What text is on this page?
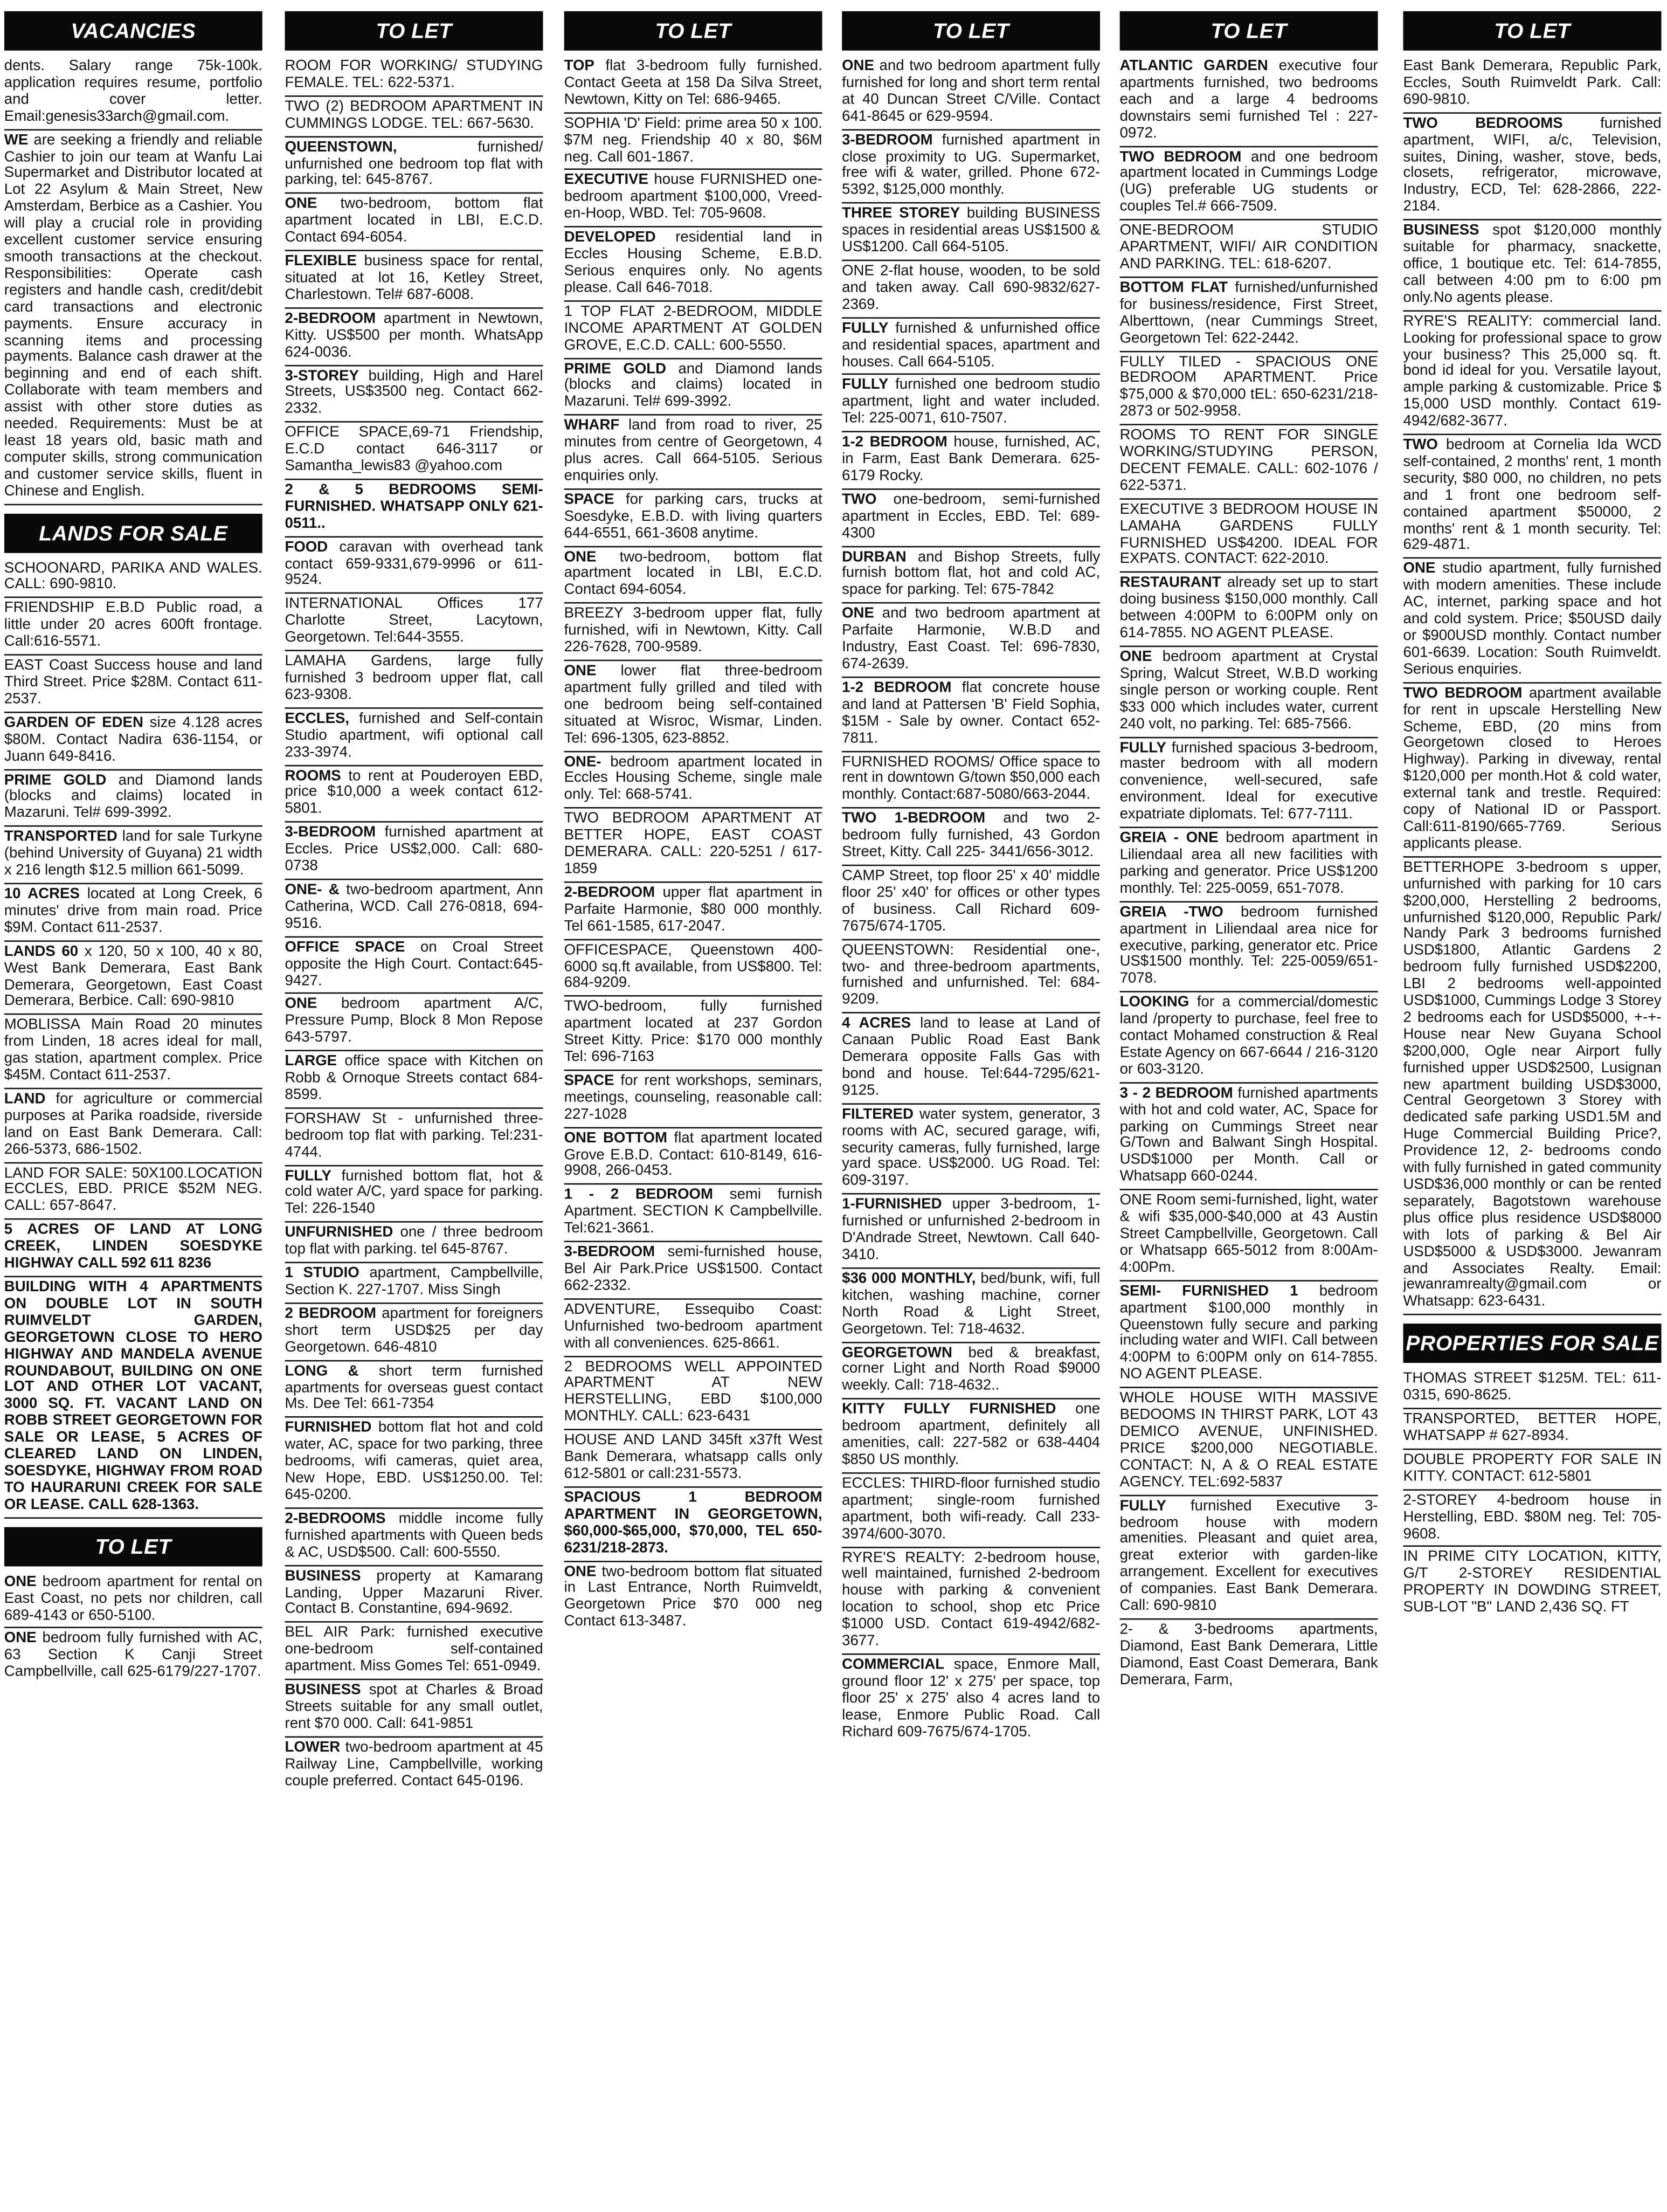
VACANCIES
dents. Salary range 75k-100k. application requires resume, portfolio and cover letter. Email:genesis33arch@gmail.com.
WE are seeking a friendly and reliable Cashier to join our team at Wanfu Lai Supermarket and Distributor located at Lot 22 Asylum & Main Street, New Amsterdam, Berbice as a Cashier. You will play a crucial role in providing excellent customer service ensuring smooth transactions at the checkout. Responsibilities: Operate cash registers and handle cash, credit/debit card transactions and electronic payments. Ensure accuracy in scanning items and processing payments. Balance cash drawer at the beginning and end of each shift. Collaborate with team members and assist with other store duties as needed. Requirements: Must be at least 18 years old, basic math and computer skills, strong communication and customer service skills, fluent in Chinese and English.
LANDS FOR SALE
SCHOONARD, PARIKA AND WALES. CALL: 690-9810.
FRIENDSHIP E.B.D Public road, a little under 20 acres 600ft frontage. Call:616-5571.
EAST Coast Success house and land Third Street. Price $28M. Contact 611-2537.
GARDEN OF EDEN size 4.128 acres $80M. Contact Nadira 636-1154, or Juann 649-8416.
PRIME GOLD and Diamond lands (blocks and claims) located in Mazaruni. Tel# 699-3992.
TRANSPORTED land for sale Turkyne (behind University of Guyana) 21 width x 216 length $12.5 million 661-5099.
10 ACRES located at Long Creek, 6 minutes' drive from main road. Price $9M. Contact 611-2537.
LANDS 60 x 120, 50 x 100, 40 x 80, West Bank Demerara, East Bank Demerara, Georgetown, East Coast Demerara, Berbice. Call: 690-9810
MOBLISSA Main Road 20 minutes from Linden, 18 acres ideal for mall, gas station, apartment complex. Price $45M. Contact 611-2537.
LAND for agriculture or commercial purposes at Parika roadside, riverside land on East Bank Demerara. Call: 266-5373, 686-1502.
LAND FOR SALE: 50X100.LOCATION ECCLES, EBD. PRICE $52M NEG. CALL: 657-8647.
5 ACRES OF LAND AT LONG CREEK, LINDEN SOESDYKE HIGHWAY CALL 592 611 8236
BUILDING WITH 4 APARTMENTS ON DOUBLE LOT IN SOUTH RUIMVELDT GARDEN, GEORGETOWN CLOSE TO HERO HIGHWAY AND MANDELA AVENUE ROUNDABOUT, BUILDING ON ONE LOT AND OTHER LOT VACANT, 3000 SQ. FT. VACANT LAND ON ROBB STREET GEORGETOWN FOR SALE OR LEASE, 5 ACRES OF CLEARED LAND ON LINDEN, SOESDYKE, HIGHWAY FROM ROAD TO HAURARUNI CREEK FOR SALE OR LEASE. CALL 628-1363.
TO LET
ONE bedroom apartment for rental on East Coast, no pets nor children, call 689-4143 or 650-5100.
ONE bedroom fully furnished with AC, 63 Section K Canji Street Campbellville, call 625-6179/227-1707.
TO LET
ROOM FOR WORKING/ STUDYING FEMALE. TEL: 622-5371.
TWO (2) BEDROOM APARTMENT IN CUMMINGS LODGE. TEL: 667-5630.
QUEENSTOWN, furnished/ unfurnished one bedroom top flat with parking, tel: 645-8767.
ONE two-bedroom, bottom flat apartment located in LBI, E.C.D. Contact 694-6054.
FLEXIBLE business space for rental, situated at lot 16, Ketley Street, Charlestown. Tel# 687-6008.
2-BEDROOM apartment in Newtown, Kitty. US$500 per month. WhatsApp 624-0036.
3-STOREY building, High and Harel Streets, US$3500 neg. Contact 662-2332.
OFFICE SPACE,69-71 Friendship, E.C.D contact 646-3117 or Samantha_lewis83 @yahoo.com
2 & 5 BEDROOMS SEMI-FURNISHED. WHATSAPP ONLY 621-0511..
FOOD caravan with overhead tank contact 659-9331,679-9996 or 611-9524.
INTERNATIONAL Offices 177 Charlotte Street, Lacytown, Georgetown. Tel:644-3555.
LAMAHA Gardens, large fully furnished 3 bedroom upper flat, call 623-9308.
ECCLES, furnished and Self-contain Studio apartment, wifi optional call 233-3974.
ROOMS to rent at Pouderoyen EBD, price $10,000 a week contact 612-5801.
3-BEDROOM furnished apartment at Eccles. Price US$2,000. Call: 680-0738
ONE- & two-bedroom apartment, Ann Catherina, WCD. Call 276-0818, 694-9516.
OFFICE SPACE on Croal Street opposite the High Court. Contact:645-9427.
ONE bedroom apartment A/C, Pressure Pump, Block 8 Mon Repose 643-5797.
LARGE office space with Kitchen on Robb & Ornoque Streets contact 684-8599.
FORSHAW St - unfurnished three-bedroom top flat with parking. Tel:231-4744.
FULLY furnished bottom flat, hot & cold water A/C, yard space for parking. Tel: 226-1540
UNFURNISHED one / three bedroom top flat with parking. tel 645-8767.
1 STUDIO apartment, Campbellville, Section K. 227-1707. Miss Singh
2 BEDROOM apartment for foreigners short term USD$25 per day Georgetown. 646-4810
LONG & short term furnished apartments for overseas guest contact Ms. Dee Tel: 661-7354
FURNISHED bottom flat hot and cold water, AC, space for two parking, three bedrooms, wifi cameras, quiet area, New Hope, EBD. US$1250.00. Tel: 645-0200.
2-BEDROOMS middle income fully furnished apartments with Queen beds & AC, USD$500. Call: 600-5550.
BUSINESS property at Kamarang Landing, Upper Mazaruni River. Contact B. Constantine, 694-9692.
BEL AIR Park: furnished executive one-bedroom self-contained apartment. Miss Gomes Tel: 651-0949.
BUSINESS spot at Charles & Broad Streets suitable for any small outlet, rent $70 000. Call: 641-9851
LOWER two-bedroom apartment at 45 Railway Line, Campbellville, working couple preferred. Contact 645-0196.
TO LET
TOP flat 3-bedroom fully furnished. Contact Geeta at 158 Da Silva Street, Newtown, Kitty on Tel: 686-9465.
SOPHIA 'D' Field: prime area 50 x 100. $7M neg. Friendship 40 x 80, $6M neg. Call 601-1867.
EXECUTIVE house FURNISHED one-bedroom apartment $100,000, Vreed-en-Hoop, WBD. Tel: 705-9608.
DEVELOPED residential land in Eccles Housing Scheme, E.B.D. Serious enquires only. No agents please. Call 646-7018.
1 TOP FLAT 2-BEDROOM, MIDDLE INCOME APARTMENT AT GOLDEN GROVE, E.C.D. CALL: 600-5550.
PRIME GOLD and Diamond lands (blocks and claims) located in Mazaruni. Tel# 699-3992.
WHARF land from road to river, 25 minutes from centre of Georgetown, 4 plus acres. Call 664-5105. Serious enquiries only.
SPACE for parking cars, trucks at Soesdyke, E.B.D. with living quarters 644-6551, 661-3608 anytime.
ONE two-bedroom, bottom flat apartment located in LBI, E.C.D. Contact 694-6054.
BREEZY 3-bedroom upper flat, fully furnished, wifi in Newtown, Kitty. Call 226-7628, 700-9589.
ONE lower flat three-bedroom apartment fully grilled and tiled with one bedroom being self-contained situated at Wisroc, Wismar, Linden. Tel: 696-1305, 623-8852.
ONE- bedroom apartment located in Eccles Housing Scheme, single male only. Tel: 668-5741.
TWO BEDROOM APARTMENT AT BETTER HOPE, EAST COAST DEMERARA. CALL: 220-5251 / 617-1859
2-BEDROOM upper flat apartment in Parfaite Harmonie, $80 000 monthly. Tel 661-1585, 617-2047.
OFFICESPACE, Queenstown 400-6000 sq.ft available, from US$800. Tel: 684-9209.
TWO-bedroom, fully furnished apartment located at 237 Gordon Street Kitty. Price: $170 000 monthly Tel: 696-7163
SPACE for rent workshops, seminars, meetings, counseling, reasonable call: 227-1028
ONE BOTTOM flat apartment located Grove E.B.D. Contact: 610-8149, 616-9908, 266-0453.
1 - 2 BEDROOM semi furnish Apartment. SECTION K Campbellville. Tel:621-3661.
3-BEDROOM semi-furnished house, Bel Air Park.Price US$1500. Contact 662-2332.
ADVENTURE, Essequibo Coast: Unfurnished two-bedroom apartment with all conveniences. 625-8661.
2 BEDROOMS WELL APPOINTED APARTMENT AT NEW HERSTELLING, EBD $100,000 MONTHLY. CALL: 623-6431
HOUSE AND LAND 345ft x37ft West Bank Demerara, whatsapp calls only 612-5801 or call:231-5573.
SPACIOUS 1 BEDROOM APARTMENT IN GEORGETOWN, $60,000-$65,000, $70,000, TEL 650-6231/218-2873.
ONE two-bedroom bottom flat situated in Last Entrance, North Ruimveldt, Georgetown Price $70 000 neg Contact 613-3487.
TO LET
ONE and two bedroom apartment fully furnished for long and short term rental at 40 Duncan Street C/Ville. Contact 641-8645 or 629-9594.
3-BEDROOM furnished apartment in close proximity to UG. Supermarket, free wifi & water, grilled. Phone 672-5392, $125,000 monthly.
THREE STOREY building BUSINESS spaces in residential areas US$1500 & US$1200. Call 664-5105.
ONE 2-flat house, wooden, to be sold and taken away. Call 690-9832/627-2369.
FULLY furnished & unfurnished office and residential spaces, apartment and houses. Call 664-5105.
FULLY furnished one bedroom studio apartment, light and water included. Tel: 225-0071, 610-7507.
1-2 BEDROOM house, furnished, AC, in Farm, East Bank Demerara. 625-6179 Rocky.
TWO one-bedroom, semi-furnished apartment in Eccles, EBD. Tel: 689-4300
DURBAN and Bishop Streets, fully furnish bottom flat, hot and cold AC, space for parking. Tel: 675-7842
ONE and two bedroom apartment at Parfaite Harmonie, W.B.D and Industry, East Coast. Tel: 696-7830, 674-2639.
1-2 BEDROOM flat concrete house and land at Pattersen 'B' Field Sophia, $15M - Sale by owner. Contact 652-7811.
FURNISHED ROOMS/ Office space to rent in downtown G/town $50,000 each monthly. Contact:687-5080/663-2044.
TWO 1-BEDROOM and two 2-bedroom fully furnished, 43 Gordon Street, Kitty. Call 225- 3441/656-3012.
CAMP Street, top floor 25' x 40' middle floor 25' x40' for offices or other types of business. Call Richard 609-7675/674-1705.
QUEENSTOWN: Residential one-, two- and three-bedroom apartments, furnished and unfurnished. Tel: 684-9209.
4 ACRES land to lease at Land of Canaan Public Road East Bank Demerara opposite Falls Gas with bond and house. Tel:644-7295/621-9125.
FILTERED water system, generator, 3 rooms with AC, secured garage, wifi, security cameras, fully furnished, large yard space. US$2000. UG Road. Tel: 609-3197.
1-FURNISHED upper 3-bedroom, 1-furnished or unfurnished 2-bedroom in D'Andrade Street, Newtown. Call 640-3410.
$36 000 MONTHLY, bed/bunk, wifi, full kitchen, washing machine, corner North Road & Light Street, Georgetown. Tel: 718-4632.
GEORGETOWN bed & breakfast, corner Light and North Road $9000 weekly. Call: 718-4632..
KITTY FULLY FURNISHED one bedroom apartment, definitely all amenities, call: 227-582 or 638-4404 $850 US monthly.
ECCLES: THIRD-floor furnished studio apartment; single-room furnished apartment, both wifi-ready. Call 233-3974/600-3070.
RYRE'S REALTY: 2-bedroom house, well maintained, furnished 2-bedroom house with parking & convenient location to school, shop etc Price $1000 USD. Contact 619-4942/682-3677.
COMMERCIAL space, Enmore Mall, ground floor 12' x 275' per space, top floor 25' x 275' also 4 acres land to lease, Enmore Public Road. Call Richard 609-7675/674-1705.
TO LET
ATLANTIC GARDEN executive four apartments furnished, two bedrooms each and a large 4 bedrooms downstairs semi furnished Tel : 227-0972.
TWO BEDROOM and one bedroom apartment located in Cummings Lodge (UG) preferable UG students or couples Tel.# 666-7509.
ONE-BEDROOM STUDIO APARTMENT, WIFI/ AIR CONDITION AND PARKING. TEL: 618-6207.
BOTTOM FLAT furnished/unfurnished for business/residence, First Street, Alberttown, (near Cummings Street, Georgetown Tel: 622-2442.
FULLY TILED - SPACIOUS ONE BEDROOM APARTMENT. Price $75,000 & $70,000 tEL: 650-6231/218-2873 or 502-9958.
ROOMS TO RENT FOR SINGLE WORKING/STUDYING PERSON, DECENT FEMALE. CALL: 602-1076 / 622-5371.
EXECUTIVE 3 BEDROOM HOUSE IN LAMAHA GARDENS FULLY FURNISHED US$4200. IDEAL FOR EXPATS. CONTACT: 622-2010.
RESTAURANT already set up to start doing business $150,000 monthly. Call between 4:00PM to 6:00PM only on 614-7855. NO AGENT PLEASE.
ONE bedroom apartment at Crystal Spring, Walcut Street, W.B.D working single person or working couple. Rent $33 000 which includes water, current 240 volt, no parking. Tel: 685-7566.
FULLY furnished spacious 3-bedroom, master bedroom with all modern convenience, well-secured, safe environment. Ideal for executive expatriate diplomats. Tel: 677-7111.
GREIA - ONE bedroom apartment in Liliendaal area all new facilities with parking and generator. Price US$1200 monthly. Tel: 225-0059, 651-7078.
GREIA -TWO bedroom furnished apartment in Liliendaal area nice for executive, parking, generator etc. Price US$1500 monthly. Tel: 225-0059/651-7078.
LOOKING for a commercial/domestic land /property to purchase, feel free to contact Mohamed construction & Real Estate Agency on 667-6644 / 216-3120 or 603-3120.
3 - 2 BEDROOM furnished apartments with hot and cold water, AC, Space for parking on Cummings Street near G/Town and Balwant Singh Hospital. USD$1000 per Month. Call or Whatsapp 660-0244.
ONE Room semi-furnished, light, water & wifi $35,000-$40,000 at 43 Austin Street Campbellville, Georgetown. Call or Whatsapp 665-5012 from 8:00Am-4:00Pm.
SEMI- FURNISHED 1 bedroom apartment $100,000 monthly in Queenstown fully secure and parking including water and WIFI. Call between 4:00PM to 6:00PM only on 614-7855. NO AGENT PLEASE.
WHOLE HOUSE WITH MASSIVE BEDOOMS IN THIRST PARK, LOT 43 DEMICO AVENUE, UNFINISHED. PRICE $200,000 NEGOTIABLE. CONTACT: N, A & O REAL ESTATE AGENCY. TEL:692-5837
FULLY furnished Executive 3- bedroom house with modern amenities. Pleasant and quiet area, great exterior with garden-like arrangement. Excellent for executives of companies. East Bank Demerara. Call: 690-9810
2- & 3-bedrooms apartments, Diamond, East Bank Demerara, Little Diamond, East Coast Demerara, Bank Demerara, Farm,
TO LET
East Bank Demerara, Republic Park, Eccles, South Ruimveldt Park. Call: 690-9810.
TWO BEDROOMS furnished apartment, WIFI, a/c, Television, suites, Dining, washer, stove, beds, closets, refrigerator, microwave, Industry, ECD, Tel: 628-2866, 222-2184.
BUSINESS spot $120,000 monthly suitable for pharmacy, snackette, office, 1 boutique etc. Tel: 614-7855, call between 4:00 pm to 6:00 pm only.No agents please.
RYRE'S REALITY: commercial land. Looking for professional space to grow your business? This 25,000 sq. ft. bond id ideal for you. Versatile layout, ample parking & customizable. Price $ 15,000 USD monthly. Contact 619-4942/682-3677.
TWO bedroom at Cornelia Ida WCD self-contained, 2 months' rent, 1 month security, $80 000, no children, no pets and 1 front one bedroom self-contained apartment $50000, 2 months' rent & 1 month security. Tel: 629-4871.
ONE studio apartment, fully furnished with modern amenities. These include AC, internet, parking space and hot and cold system. Price; $50USD daily or $900USD monthly. Contact number 601-6639. Location: South Ruimveldt. Serious enquiries.
TWO BEDROOM apartment available for rent in upscale Herstelling New Scheme, EBD, (20 mins from Georgetown closed to Heroes Highway). Parking in diveway, rental $120,000 per month.Hot & cold water, external tank and trestle. Required: copy of National ID or Passport. Call:611-8190/665-7769. Serious applicants please.
BETTERHOPE 3-bedroom s upper, unfurnished with parking for 10 cars $200,000, Herstelling 2 bedrooms, unfurnished $120,000, Republic Park/ Nandy Park 3 bedrooms furnished USD$1800, Atlantic Gardens 2 bedroom fully furnished USD$2200, LBI 2 bedrooms well-appointed USD$1000, Cummings Lodge 3 Storey 2 bedrooms each for USD$5000, +-+- House near New Guyana School $200,000, Ogle near Airport fully furnished upper USD$2500, Lusignan new apartment building USD$3000, Central Georgetown 3 Storey with dedicated safe parking USD1.5M and Huge Commercial Building Price?, Providence 12, 2- bedrooms condo with fully furnished in gated community USD$36,000 monthly or can be rented separately, Bagotstown warehouse plus office plus residence USD$8000 with lots of parking & Bel Air USD$5000 & USD$3000. Jewanram and Associates Realty. Email: jewanramrealty@gmail.com or Whatsapp: 623-6431.
PROPERTIES FOR SALE
THOMAS STREET $125M. TEL: 611-0315, 690-8625.
TRANSPORTED, BETTER HOPE, WHATSAPP # 627-8934.
DOUBLE PROPERTY FOR SALE IN KITTY. CONTACT: 612-5801
2-STOREY 4-bedroom house in Herstelling, EBD. $80M neg. Tel: 705-9608.
IN PRIME CITY LOCATION, KITTY, G/T 2-STOREY RESIDENTIAL PROPERTY IN DOWDING STREET, SUB-LOT "B" LAND 2,436 SQ. FT
